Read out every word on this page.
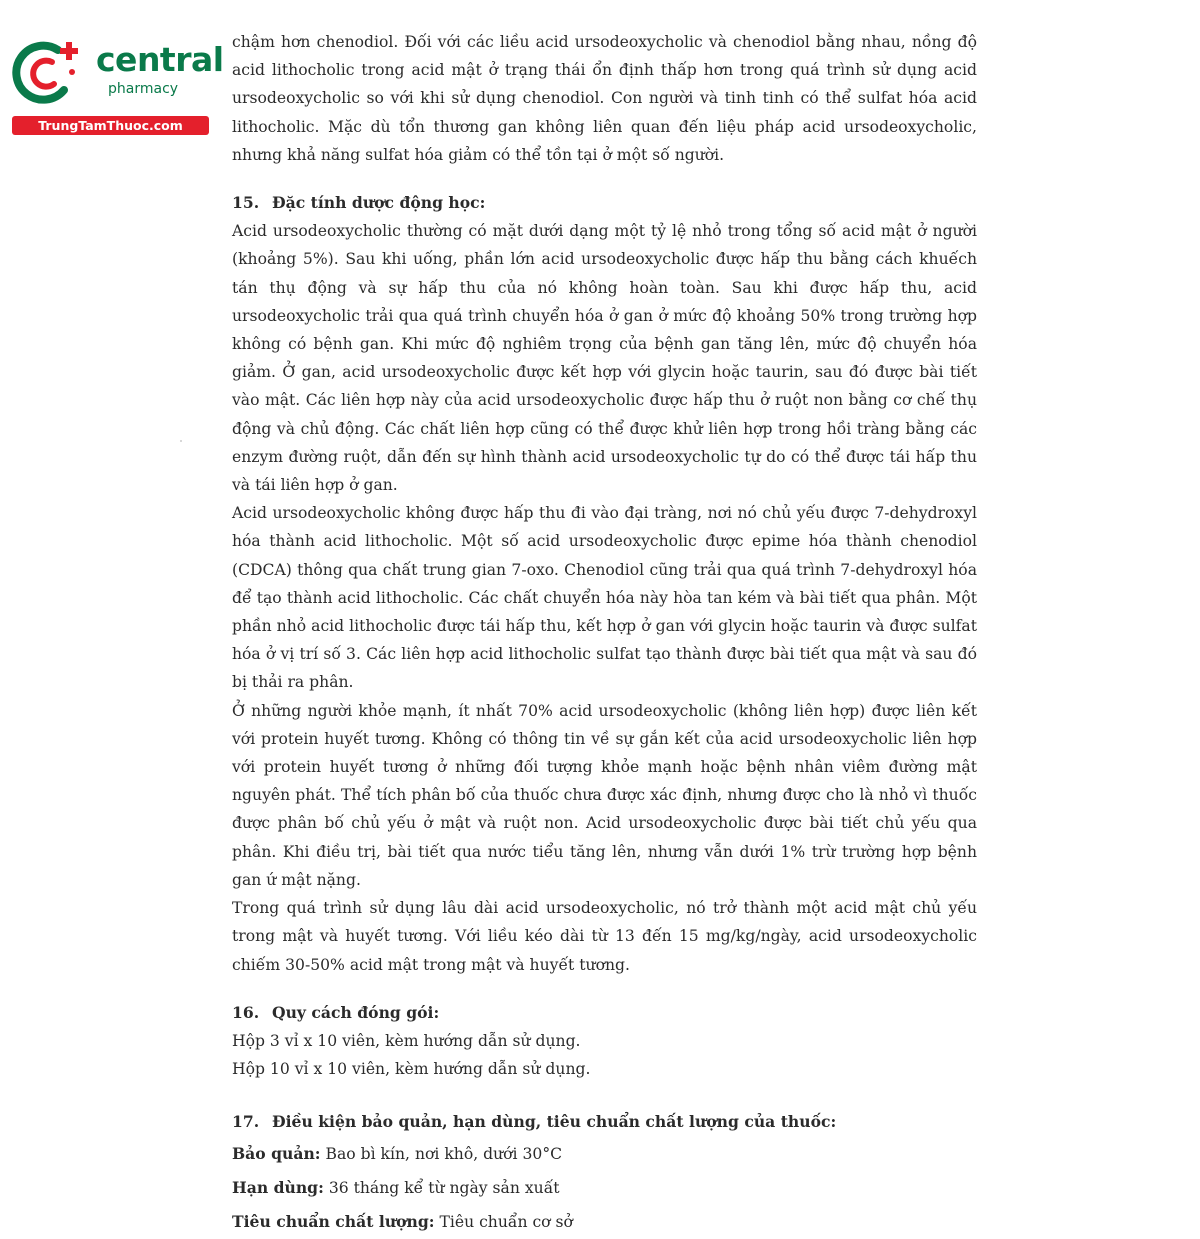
central
pharmacy
TrungTamThuoc.com

chậm hơn chenodiol. Đối với các liều acid ursodeoxycholic và chenodiol bằng nhau, nồng độ acid lithocholic trong acid mật ở trạng thái ổn định thấp hơn trong quá trình sử dụng acid ursodeoxycholic so với khi sử dụng chenodiol. Con người và tinh tinh có thể sulfat hóa acid lithocholic. Mặc dù tổn thương gan không liên quan đến liệu pháp acid ursodeoxycholic, nhưng khả năng sulfat hóa giảm có thể tồn tại ở một số người.

15. Đặc tính dược động học:

Acid ursodeoxycholic thường có mặt dưới dạng một tỷ lệ nhỏ trong tổng số acid mật ở người (khoảng 5%). Sau khi uống, phần lớn acid ursodeoxycholic được hấp thu bằng cách khuếch tán thụ động và sự hấp thu của nó không hoàn toàn. Sau khi được hấp thu, acid ursodeoxycholic trải qua quá trình chuyển hóa ở gan ở mức độ khoảng 50% trong trường hợp không có bệnh gan. Khi mức độ nghiêm trọng của bệnh gan tăng lên, mức độ chuyển hóa giảm. Ở gan, acid ursodeoxycholic được kết hợp với glycin hoặc taurin, sau đó được bài tiết vào mật. Các liên hợp này của acid ursodeoxycholic được hấp thu ở ruột non bằng cơ chế thụ động và chủ động. Các chất liên hợp cũng có thể được khử liên hợp trong hồi tràng bằng các enzym đường ruột, dẫn đến sự hình thành acid ursodeoxycholic tự do có thể được tái hấp thu và tái liên hợp ở gan.

Acid ursodeoxycholic không được hấp thu đi vào đại tràng, nơi nó chủ yếu được 7-dehydroxyl hóa thành acid lithocholic. Một số acid ursodeoxycholic được epime hóa thành chenodiol (CDCA) thông qua chất trung gian 7-oxo. Chenodiol cũng trải qua quá trình 7-dehydroxyl hóa để tạo thành acid lithocholic. Các chất chuyển hóa này hòa tan kém và bài tiết qua phân. Một phần nhỏ acid lithocholic được tái hấp thu, kết hợp ở gan với glycin hoặc taurin và được sulfat hóa ở vị trí số 3. Các liên hợp acid lithocholic sulfat tạo thành được bài tiết qua mật và sau đó bị thải ra phân.

Ở những người khỏe mạnh, ít nhất 70% acid ursodeoxycholic (không liên hợp) được liên kết với protein huyết tương. Không có thông tin về sự gắn kết của acid ursodeoxycholic liên hợp với protein huyết tương ở những đối tượng khỏe mạnh hoặc bệnh nhân viêm đường mật nguyên phát. Thể tích phân bố của thuốc chưa được xác định, nhưng được cho là nhỏ vì thuốc được phân bố chủ yếu ở mật và ruột non. Acid ursodeoxycholic được bài tiết chủ yếu qua phân. Khi điều trị, bài tiết qua nước tiểu tăng lên, nhưng vẫn dưới 1% trừ trường hợp bệnh gan ứ mật nặng.

Trong quá trình sử dụng lâu dài acid ursodeoxycholic, nó trở thành một acid mật chủ yếu trong mật và huyết tương. Với liều kéo dài từ 13 đến 15 mg/kg/ngày, acid ursodeoxycholic chiếm 30-50% acid mật trong mật và huyết tương.

16. Quy cách đóng gói:

Hộp 3 vỉ x 10 viên, kèm hướng dẫn sử dụng.

Hộp 10 vỉ x 10 viên, kèm hướng dẫn sử dụng.

17. Điều kiện bảo quản, hạn dùng, tiêu chuẩn chất lượng của thuốc:

Bảo quản: Bao bì kín, nơi khô, dưới 30°C

Hạn dùng: 36 tháng kể từ ngày sản xuất

Tiêu chuẩn chất lượng: Tiêu chuẩn cơ sở
